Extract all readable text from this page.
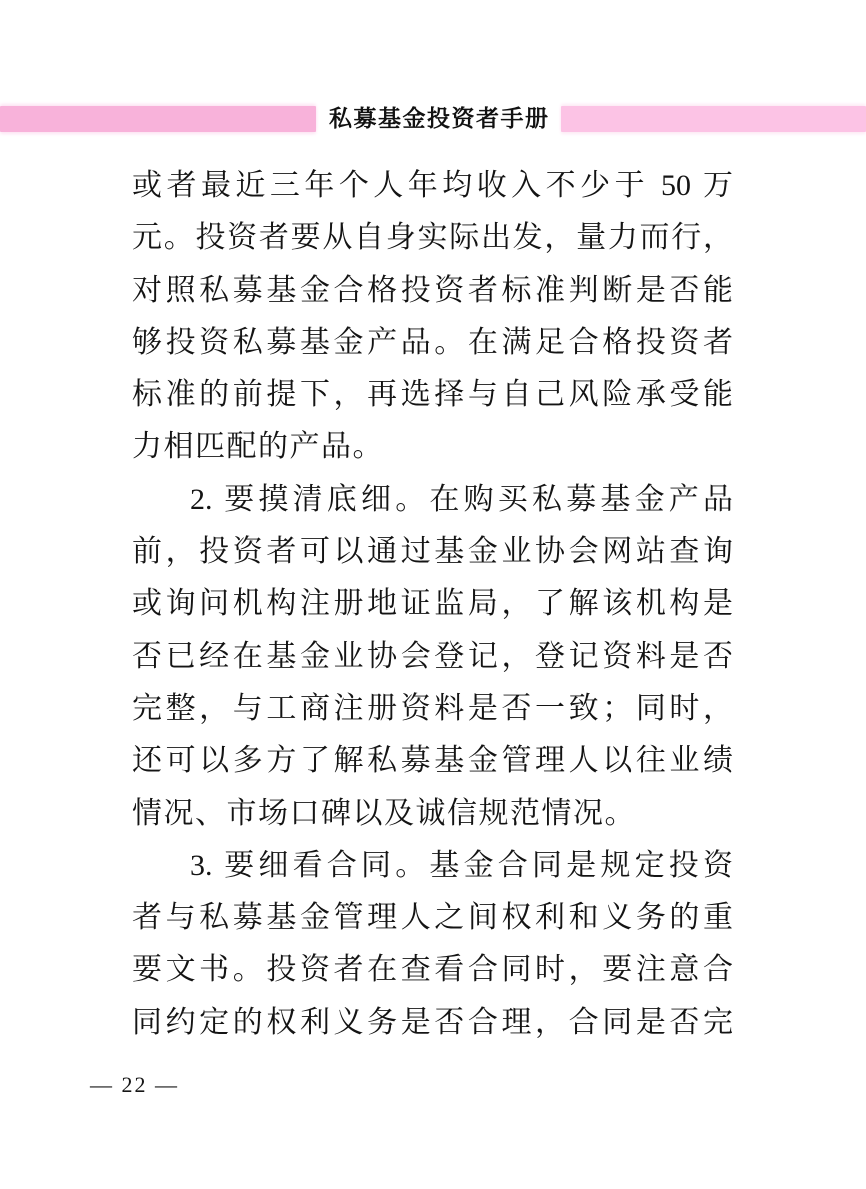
私募基金投资者手册
或者最近三年个人年均收入不少于 50 万
元。投资者要从自身实际出发，量力而行，
对照私募基金合格投资者标准判断是否能
够投资私募基金产品。在满足合格投资者
标准的前提下，再选择与自己风险承受能
力相匹配的产品。
2. 要摸清底细。在购买私募基金产品
前，投资者可以通过基金业协会网站查询
或询问机构注册地证监局，了解该机构是
否已经在基金业协会登记，登记资料是否
完整，与工商注册资料是否一致；同时，
还可以多方了解私募基金管理人以往业绩
情况、市场口碑以及诚信规范情况。
3. 要细看合同。基金合同是规定投资
者与私募基金管理人之间权利和义务的重
要文书。投资者在查看合同时，要注意合
同约定的权利义务是否合理，合同是否完
— 22 —
